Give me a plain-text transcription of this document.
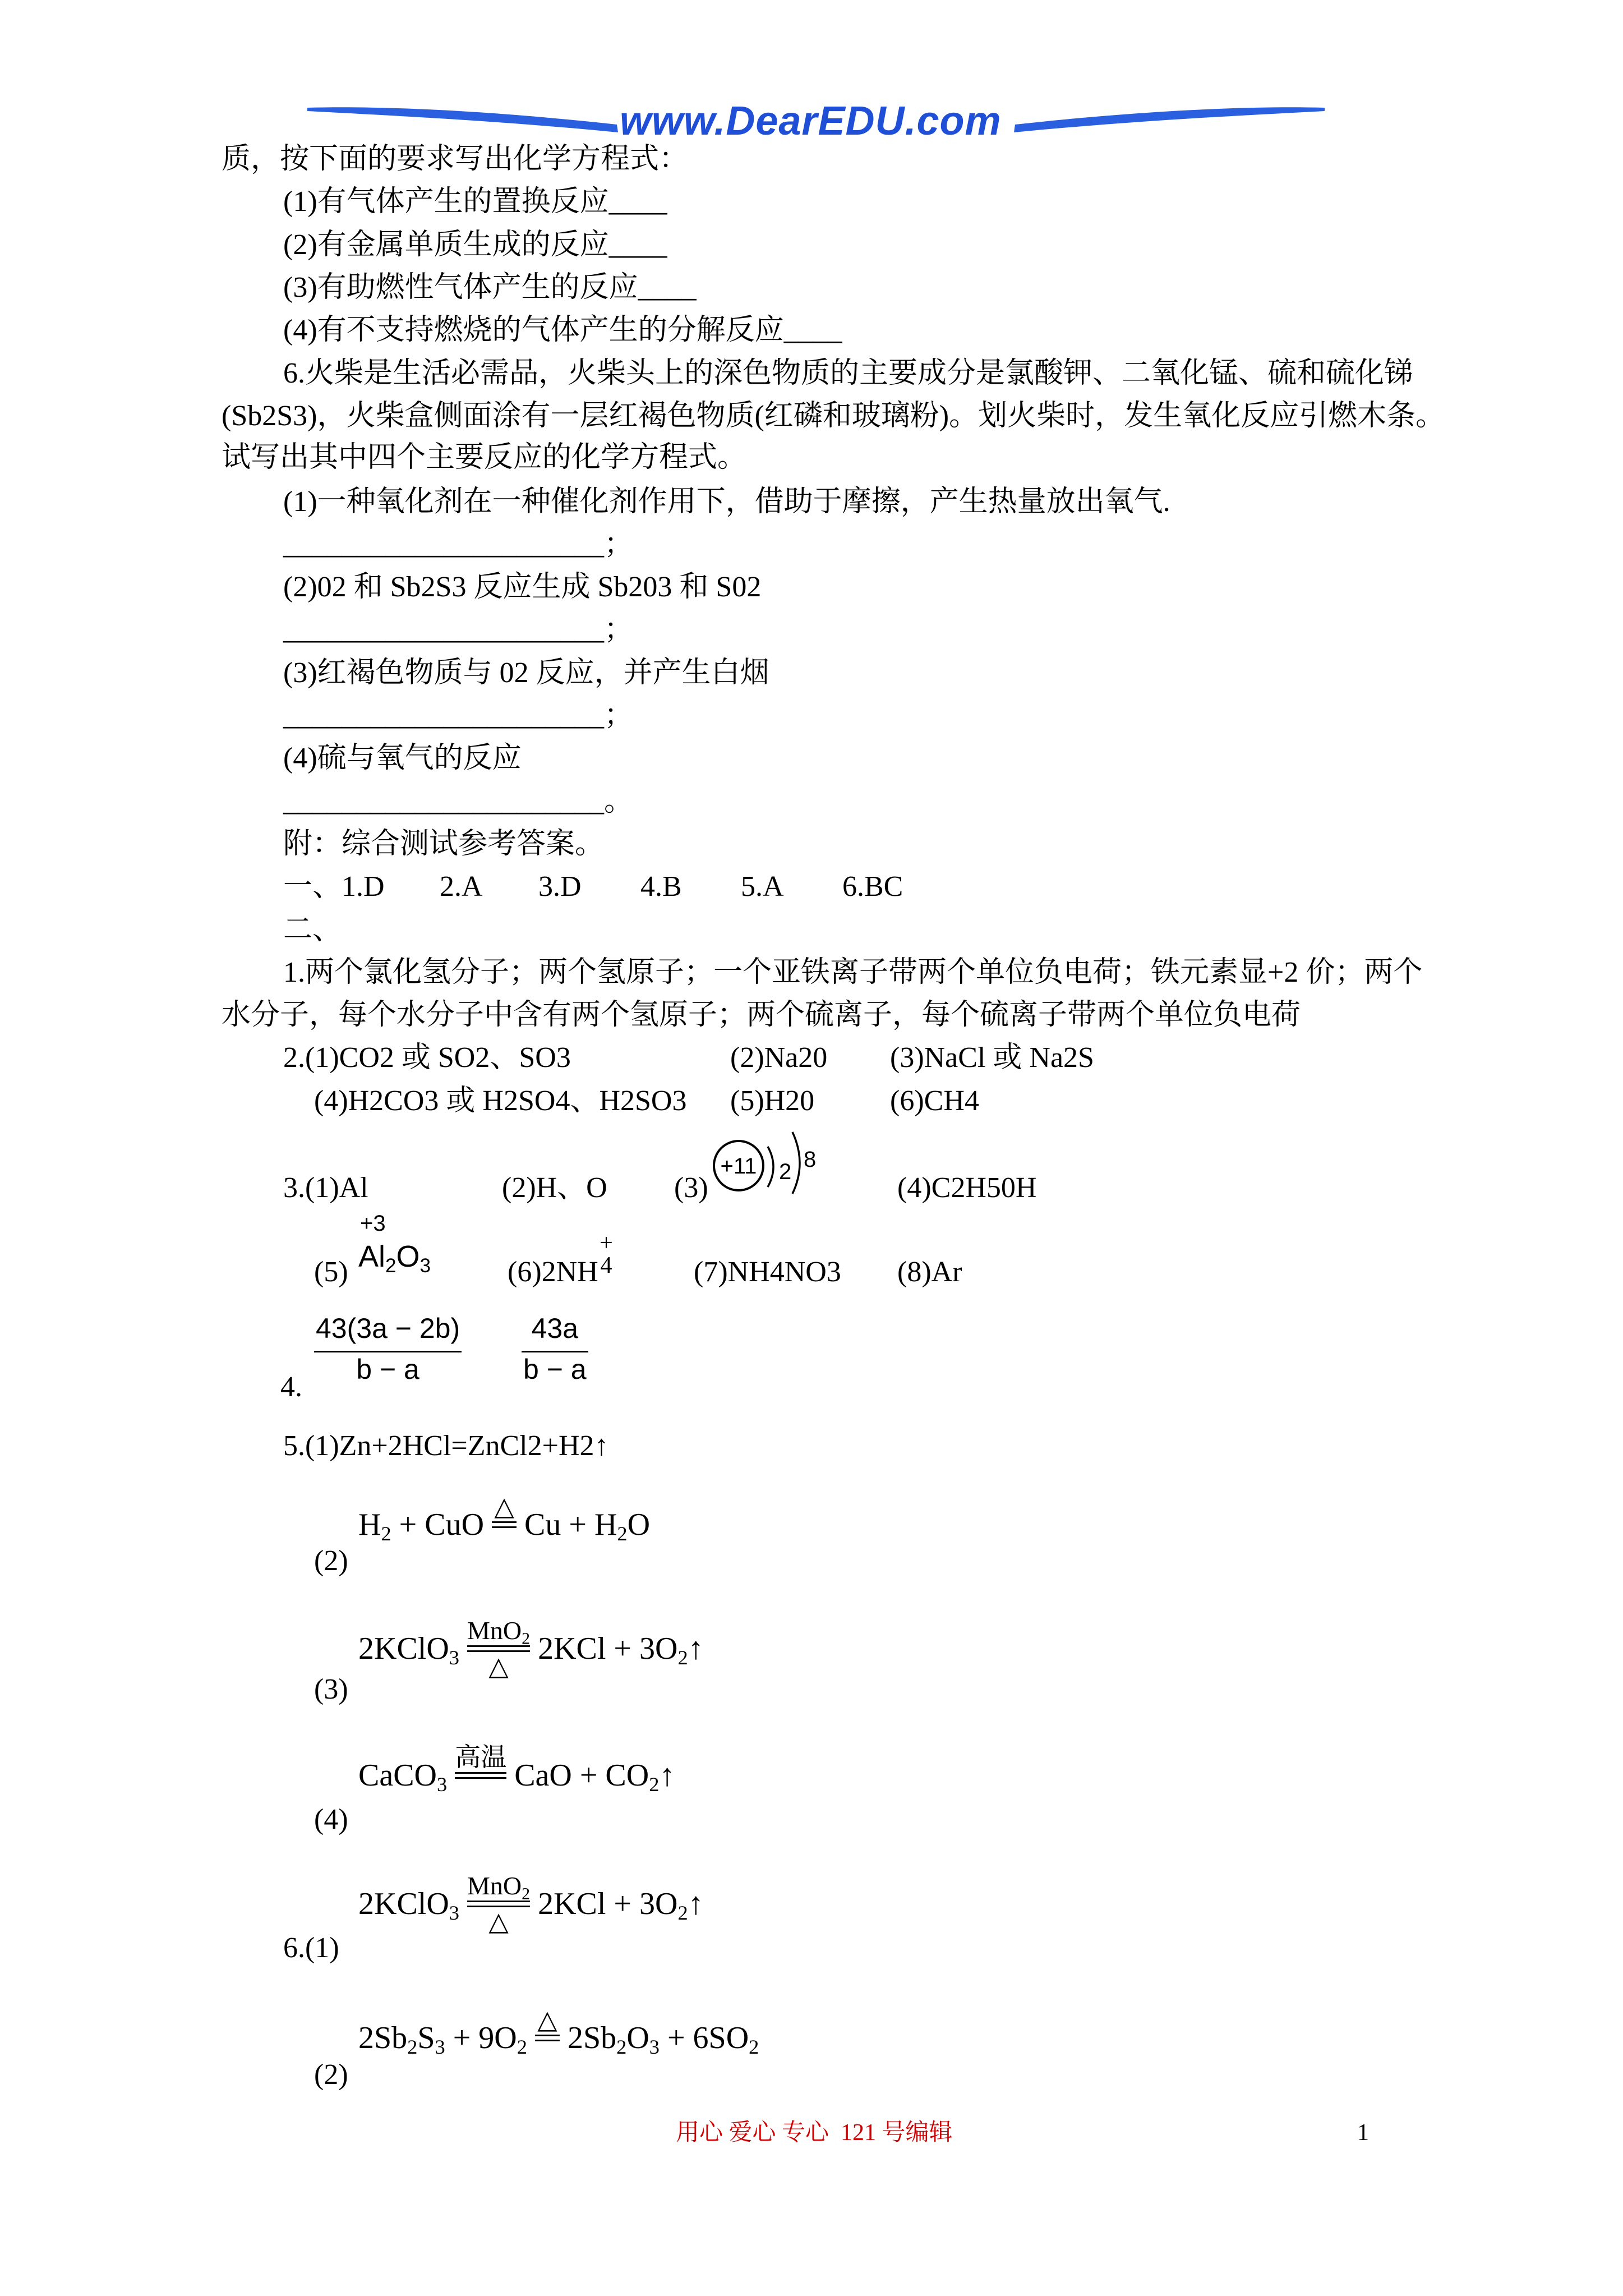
www.DearEDU.com
质，按下面的要求写出化学方程式：
(1)有气体产生的置换反应____
(2)有金属单质生成的反应____
(3)有助燃性气体产生的反应____
(4)有不支持燃烧的气体产生的分解反应____
6.火柴是生活必需品，火柴头上的深色物质的主要成分是氯酸钾、二氧化锰、硫和硫化锑
(Sb2S3)，火柴盒侧面涂有一层红褐色物质(红磷和玻璃粉)。划火柴时，发生氧化反应引燃木条。
试写出其中四个主要反应的化学方程式。
(1)一种氧化剂在一种催化剂作用下，借助于摩擦，产生热量放出氧气.
______________________；
(2)02 和 Sb2S3 反应生成 Sb203 和 S02
______________________；
(3)红褐色物质与 02 反应，并产生白烟
______________________；
(4)硫与氧气的反应
______________________。
附：综合测试参考答案。
一、1.D 2.A 3.D 4.B 5.A 6.BC
二、
1.两个氯化氢分子；两个氢原子；一个亚铁离子带两个单位负电荷；铁元素显+2 价；两个
水分子，每个水分子中含有两个氢原子；两个硫离子，每个硫离子带两个单位负电荷
2.(1)CO2 或 SO2、SO3	(2)Na20 (3)NaCl 或 Na2S
(4)H2CO3 或 H2SO4、H2SO3 (5)H20	(6)CH4
3.(1)Al	(2)H、O (3)	(4)C2H50H
+11 2 8
(5)
+3
$Al_2O_3$	(6)2NH
+
4	(7)NH4NO3 (8)Ar
43(3a − 2b)
b − a
43a
b − a
4.
5.(1)Zn+2HCl=ZnCl2+H2↑
$H_2$ + CuO
△
$Cu + H_2O$
(2)
2KClO$_3$
MnO$_2$
△
$2KCl + 3O_2↑$
(3)
CaCO$_3$
高温
CaO + $CO_2↑$
(4)
2KClO$_3$
MnO$_2$
△
$2KCl + 3O_2↑$
6.(1)
$2Sb_2S_3 + 9O_2$
△
$2Sb_2O_3 + 6SO_2$
(2)
用心 爱心 专心  121 号编辑	1
